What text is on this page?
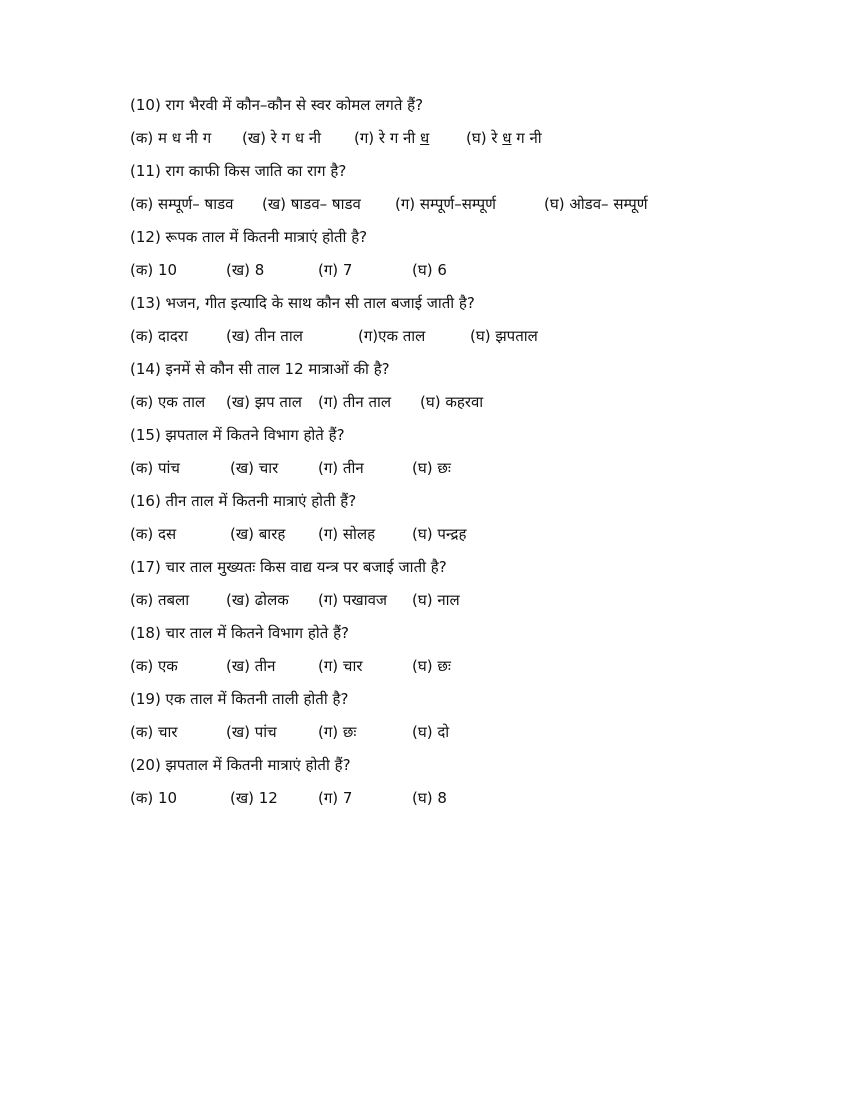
(10) राग भैरवी में कौन–कौन से स्वर कोमल लगते हैं?
(क) म ध नी ग (ख) रे ग ध नी (ग) रे ग नी ध (घ) रे ध ग नी
(11) राग काफी किस जाति का राग है?
(क) सम्पूर्ण– षाडव (ख) षाडव– षाडव (ग) सम्पूर्ण–सम्पूर्ण	(घ) ओडव– सम्पूर्ण
(12) रूपक ताल में कितनी मात्राएं होती है?
(क) 10	(ख) 8	(ग) 7	(घ) 6
(13) भजन, गीत इत्यादि के साथ कौन सी ताल बजाई जाती है?
(क) दादरा	(ख) तीन ताल	(ग)एक ताल	(घ) झपताल
(14) इनमें से कौन सी ताल 12 मात्राओं की है?
(क) एक ताल (ख) झप ताल (ग) तीन ताल (घ) कहरवा
(15) झपताल में कितने विभाग होते हैं?
(क) पांच	(ख) चार	(ग) तीन	(घ) छः
(16) तीन ताल में कितनी मात्राएं होती हैं?
(क) दस	(ख) बारह (ग) सोलह (घ) पन्द्रह
(17) चार ताल मुख्यतः किस वाद्य यन्त्र पर बजाई जाती है?
(क) तबला (ख) ढोलक (ग) पखावज (घ) नाल
(18) चार ताल में कितने विभाग होते हैं?
(क) एक	(ख) तीन	(ग) चार	(घ) छः
(19) एक ताल में कितनी ताली होती है?
(क) चार	(ख) पांच	(ग) छः	(घ) दो
(20) झपताल में कितनी मात्राएं होती हैं?
(क) 10	(ख) 12	(ग) 7	(घ) 8
